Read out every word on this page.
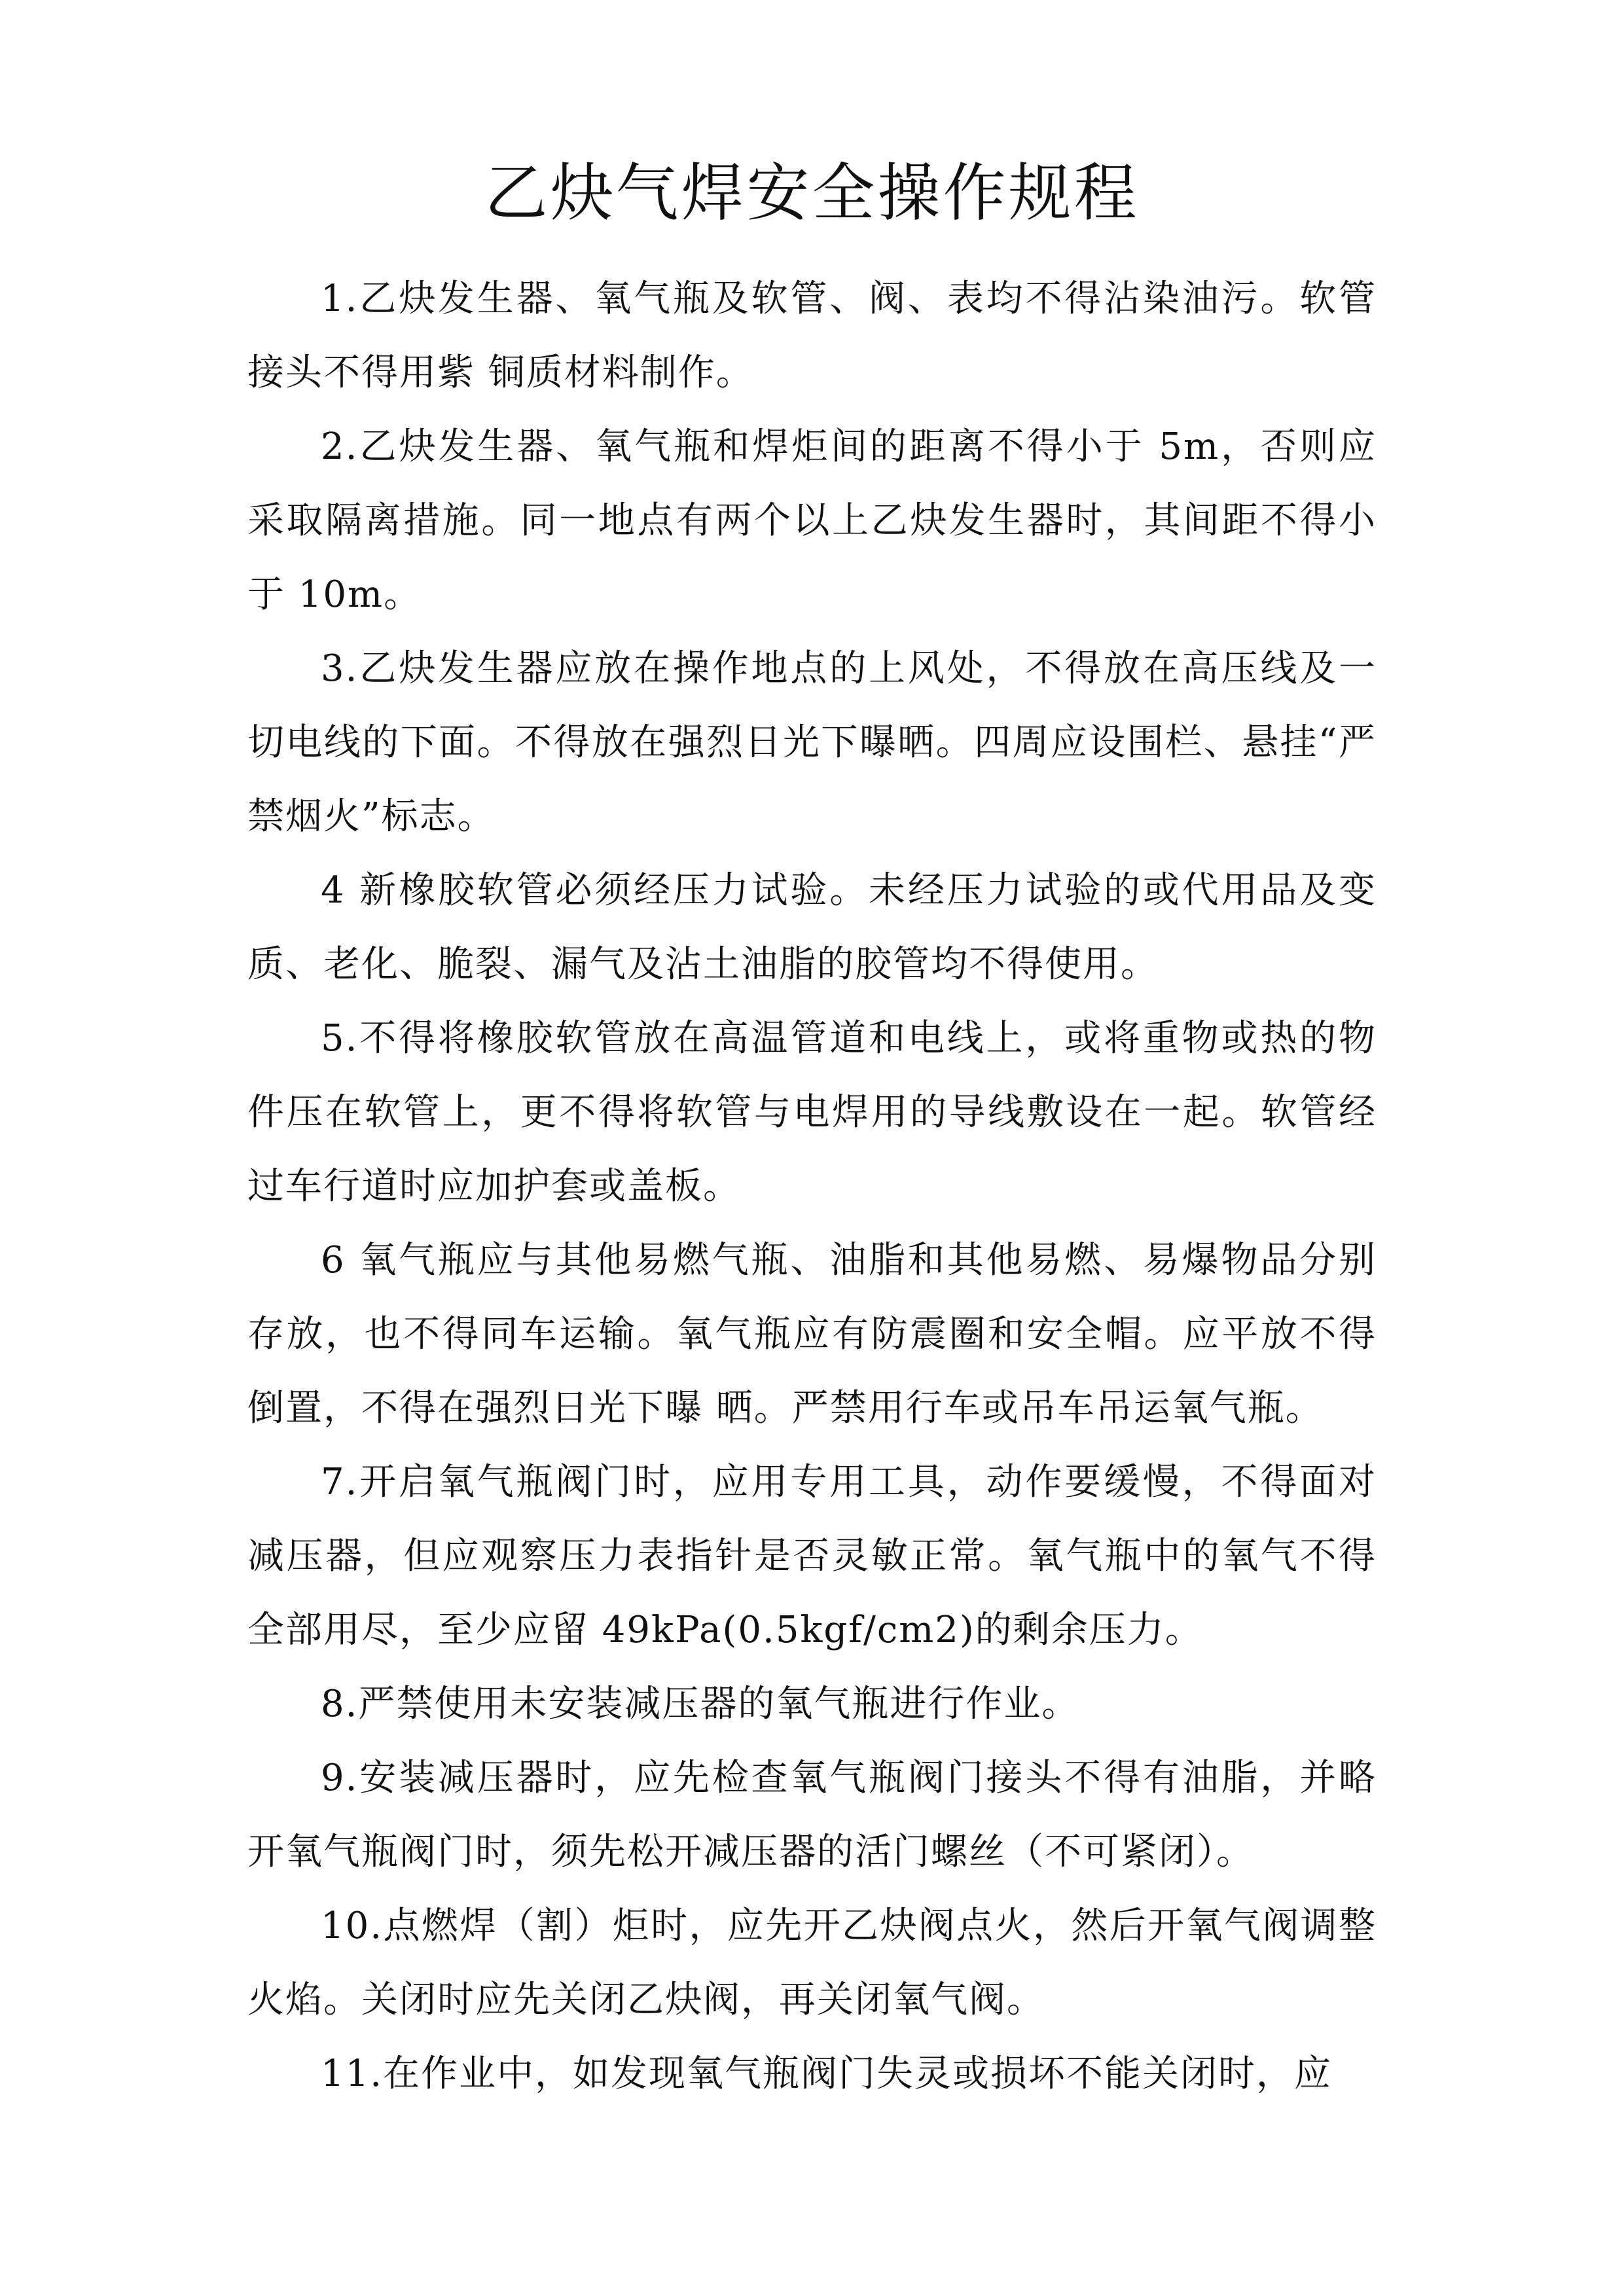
乙炔气焊安全操作规程

1.乙炔发生器、氧气瓶及软管、阀、表均不得沾染油污。软管接头不得用紫 铜质材料制作。

2.乙炔发生器、氧气瓶和焊炬间的距离不得小于 5m，否则应采取隔离措施。同一地点有两个以上乙炔发生器时，其间距不得小于 10m。

3.乙炔发生器应放在操作地点的上风处，不得放在高压线及一切电线的下面。不得放在强烈日光下曝晒。四周应设围栏、悬挂“严禁烟火”标志。

4 新橡胶软管必须经压力试验。未经压力试验的或代用品及变质、老化、脆裂、漏气及沾土油脂的胶管均不得使用。

5.不得将橡胶软管放在高温管道和电线上，或将重物或热的物件压在软管上，更不得将软管与电焊用的导线敷设在一起。软管经过车行道时应加护套或盖板。

6 氧气瓶应与其他易燃气瓶、油脂和其他易燃、易爆物品分别存放，也不得同车运输。氧气瓶应有防震圈和安全帽。应平放不得倒置，不得在强烈日光下曝 晒。严禁用行车或吊车吊运氧气瓶。

7.开启氧气瓶阀门时，应用专用工具，动作要缓慢，不得面对减压器，但应观察压力表指针是否灵敏正常。氧气瓶中的氧气不得全部用尽，至少应留 49kPa(0.5kgf/cm2)的剩余压力。

8.严禁使用未安装减压器的氧气瓶进行作业。

9.安装减压器时，应先检查氧气瓶阀门接头不得有油脂，并略开氧气瓶阀门时，须先松开减压器的活门螺丝（不可紧闭）。

10.点燃焊（割）炬时，应先开乙炔阀点火，然后开氧气阀调整火焰。关闭时应先关闭乙炔阀，再关闭氧气阀。

11.在作业中，如发现氧气瓶阀门失灵或损坏不能关闭时，应
